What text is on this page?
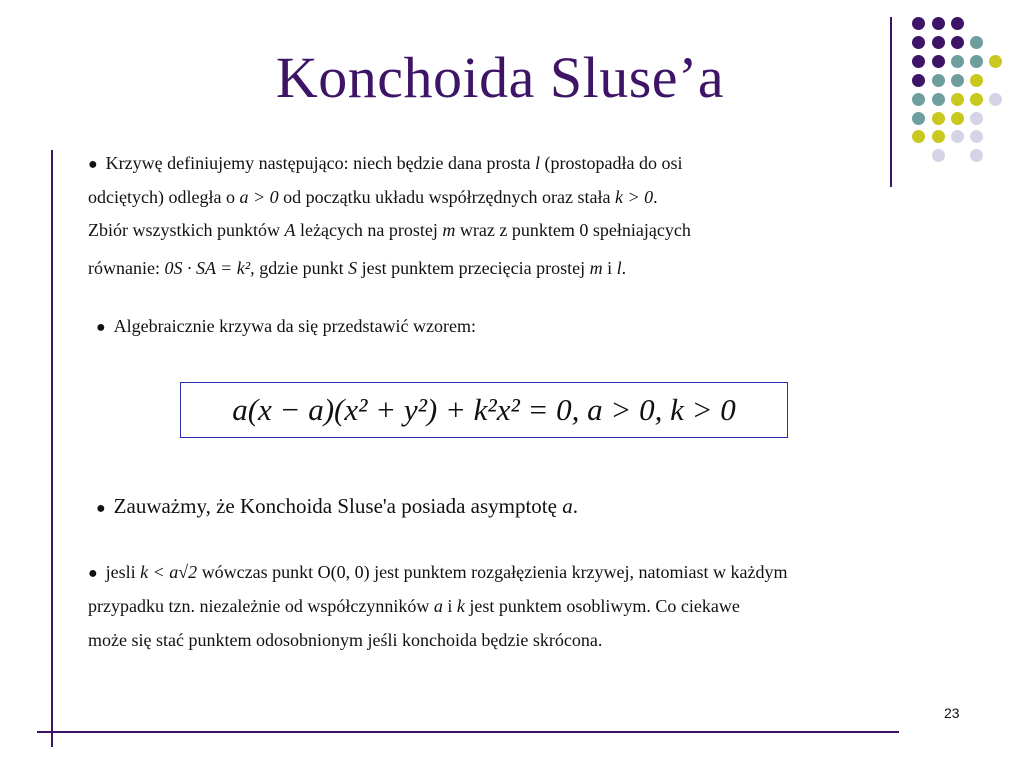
Konchoida Sluse’a
● Krzywę definiujemy następująco: niech będzie dana prosta l (prostopadła do osi
odciętych) odległa o a > 0 od początku układu współrzędnych oraz stała k > 0.
Zbiór wszystkich punktów A leżących na prostej m wraz z punktem 0 spełniających
równanie: 0S · SA = k², gdzie punkt S jest punktem przecięcia prostej m i l.
● Algebraicznie krzywa da się przedstawić wzorem:
a(x − a)(x² + y²) + k²x² = 0, a > 0, k > 0
● Zauważmy, że Konchoida Sluse'a posiada asymptotę a.
● jesli k < a√2 wówczas punkt O(0, 0) jest punktem rozgałęzienia krzywej, natomiast w każdym
przypadku tzn. niezależnie od współczynników a i k jest punktem osobliwym. Co ciekawe
może się stać punktem odosobnionym jeśli konchoida będzie skrócona.
23
